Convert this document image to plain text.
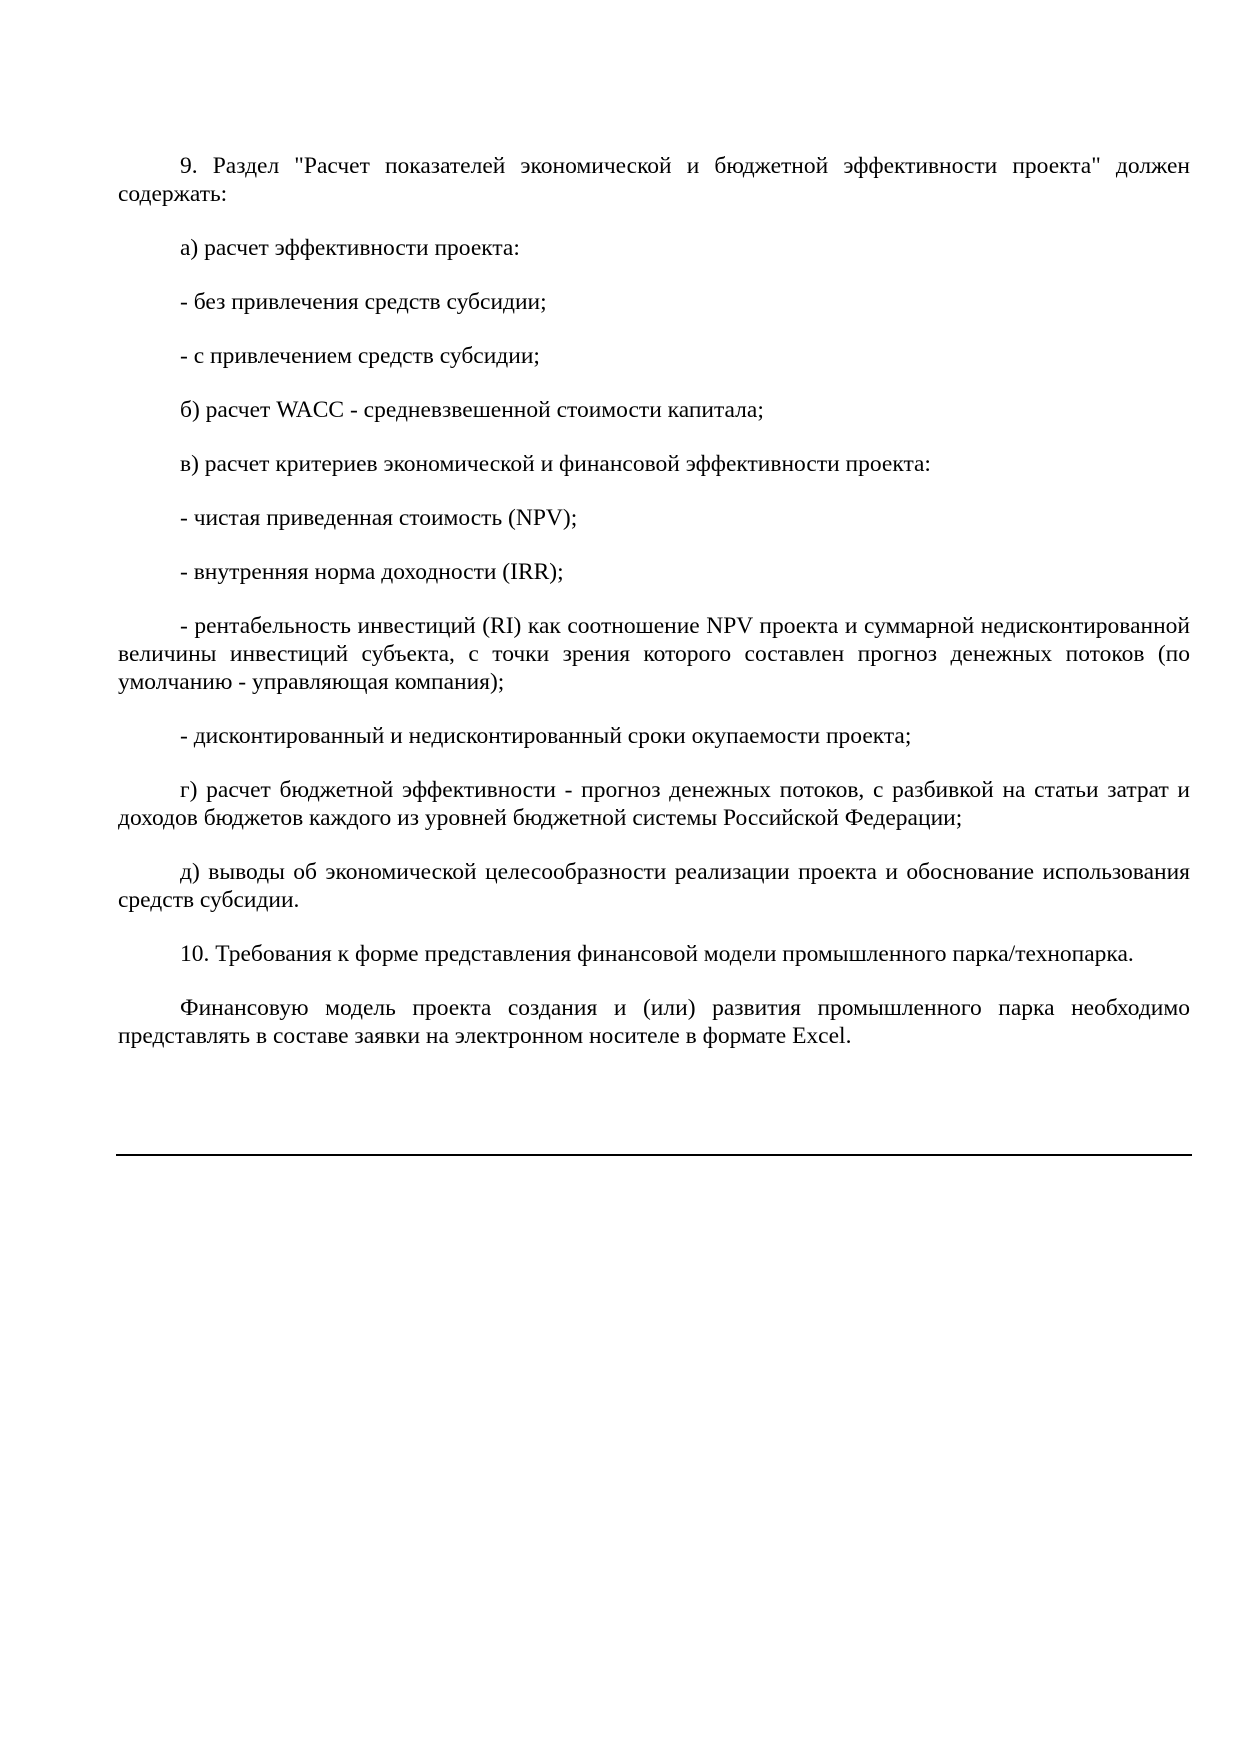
9. Раздел "Расчет показателей экономической и бюджетной эффективности проекта" должен содержать:

а) расчет эффективности проекта:

- без привлечения средств субсидии;

- с привлечением средств субсидии;

б) расчет WACC - средневзвешенной стоимости капитала;

в) расчет критериев экономической и финансовой эффективности проекта:

- чистая приведенная стоимость (NPV);

- внутренняя норма доходности (IRR);

- рентабельность инвестиций (RI) как соотношение NPV проекта и суммарной недисконтированной величины инвестиций субъекта, с точки зрения которого составлен прогноз денежных потоков (по умолчанию - управляющая компания);

- дисконтированный и недисконтированный сроки окупаемости проекта;

г) расчет бюджетной эффективности - прогноз денежных потоков, с разбивкой на статьи затрат и доходов бюджетов каждого из уровней бюджетной системы Российской Федерации;

д) выводы об экономической целесообразности реализации проекта и обоснование использования средств субсидии.

10. Требования к форме представления финансовой модели промышленного парка/технопарка.

Финансовую модель проекта создания и (или) развития промышленного парка необходимо представлять в составе заявки на электронном носителе в формате Excel.
